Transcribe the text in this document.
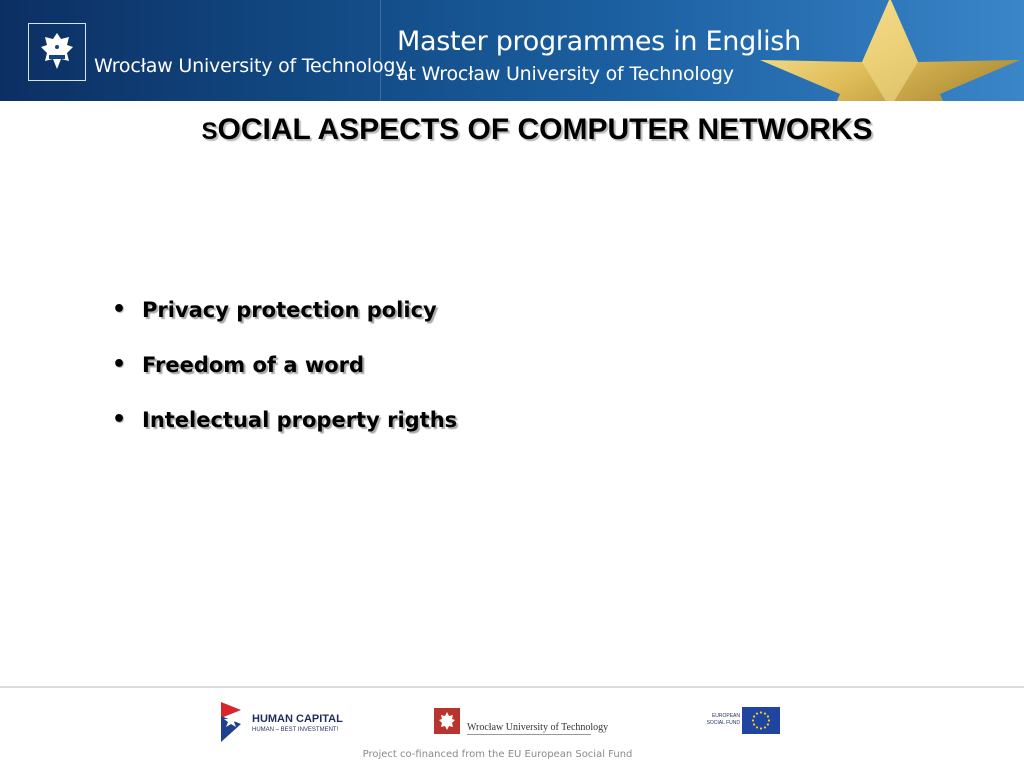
Wrocław University of Technology
Master programmes in English
at Wrocław University of Technology
SOCIAL ASPECTS OF COMPUTER NETWORKS
• Privacy protection policy
• Freedom of a word
• Intelectual property rigths
HUMAN CAPITAL
HUMAN – BEST INVESTMENT!	Wrocław University of Technology
EUROPEAN
SOCIAL FUND
Project co-financed from the EU European Social Fund
